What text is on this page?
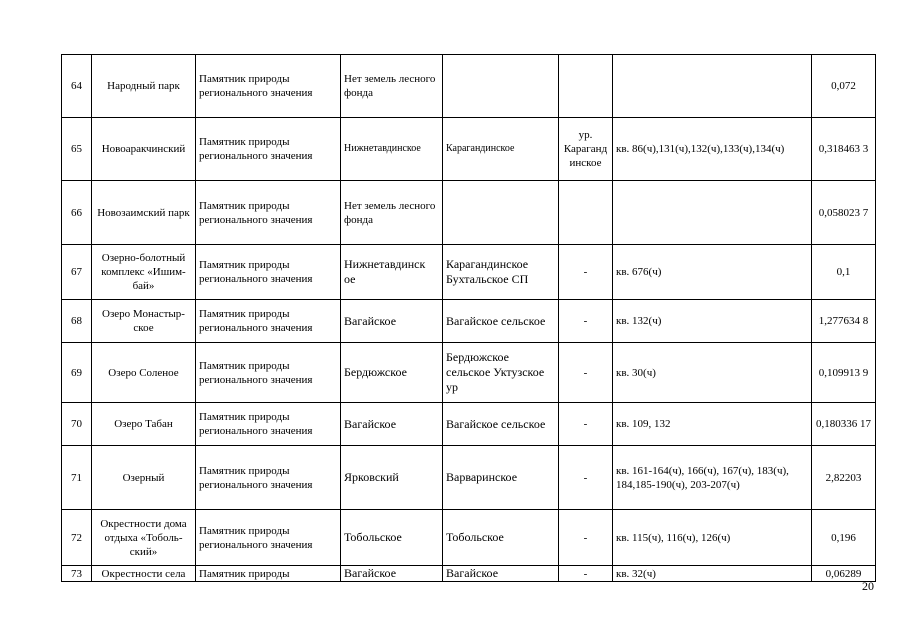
64	Народный парк	Памятник природы регионального значения	Нет земель лесного фонда				0,072
65	Новоаракчинский	Памятник природы регионального значения	Нижнетавдинское	Карагандинское	ур. Караганд инское	кв. 86(ч),131(ч),132(ч),133(ч),134(ч)	0,318463 3
66	Новозаимский парк	Памятник природы регионального значения	Нет земель лесного фонда				0,058023 7
67	Озерно-болотный комплекс «Ишим-бай»	Памятник природы регионального значения	Нижнетавдинск ое	Карагандинское Бухтальское СП	-	кв. 676(ч)	0,1
68	Озеро Монастыр-ское	Памятник природы регионального значения	Вагайское	Вагайское сельское	-	кв. 132(ч)	1,277634 8
69	Озеро Соленое	Памятник природы регионального значения	Бердюжское	Бердюжское сельское Уктузское ур	-	кв. 30(ч)	0,109913 9
70	Озеро Табан	Памятник природы регионального значения	Вагайское	Вагайское сельское	-	кв. 109, 132	0,180336 17
71	Озерный	Памятник природы регионального значения	Ярковский	Варваринское	-	кв. 161-164(ч), 166(ч), 167(ч), 183(ч), 184,185-190(ч), 203-207(ч)	2,82203
72	Окрестности дома отдыха «Тоболь-ский»	Памятник природы регионального значения	Тобольское	Тобольское	-	кв. 115(ч), 116(ч), 126(ч)	0,196
73	Окрестности села	Памятник природы	Вагайское	Вагайское	-	кв. 32(ч)	0,06289
20
